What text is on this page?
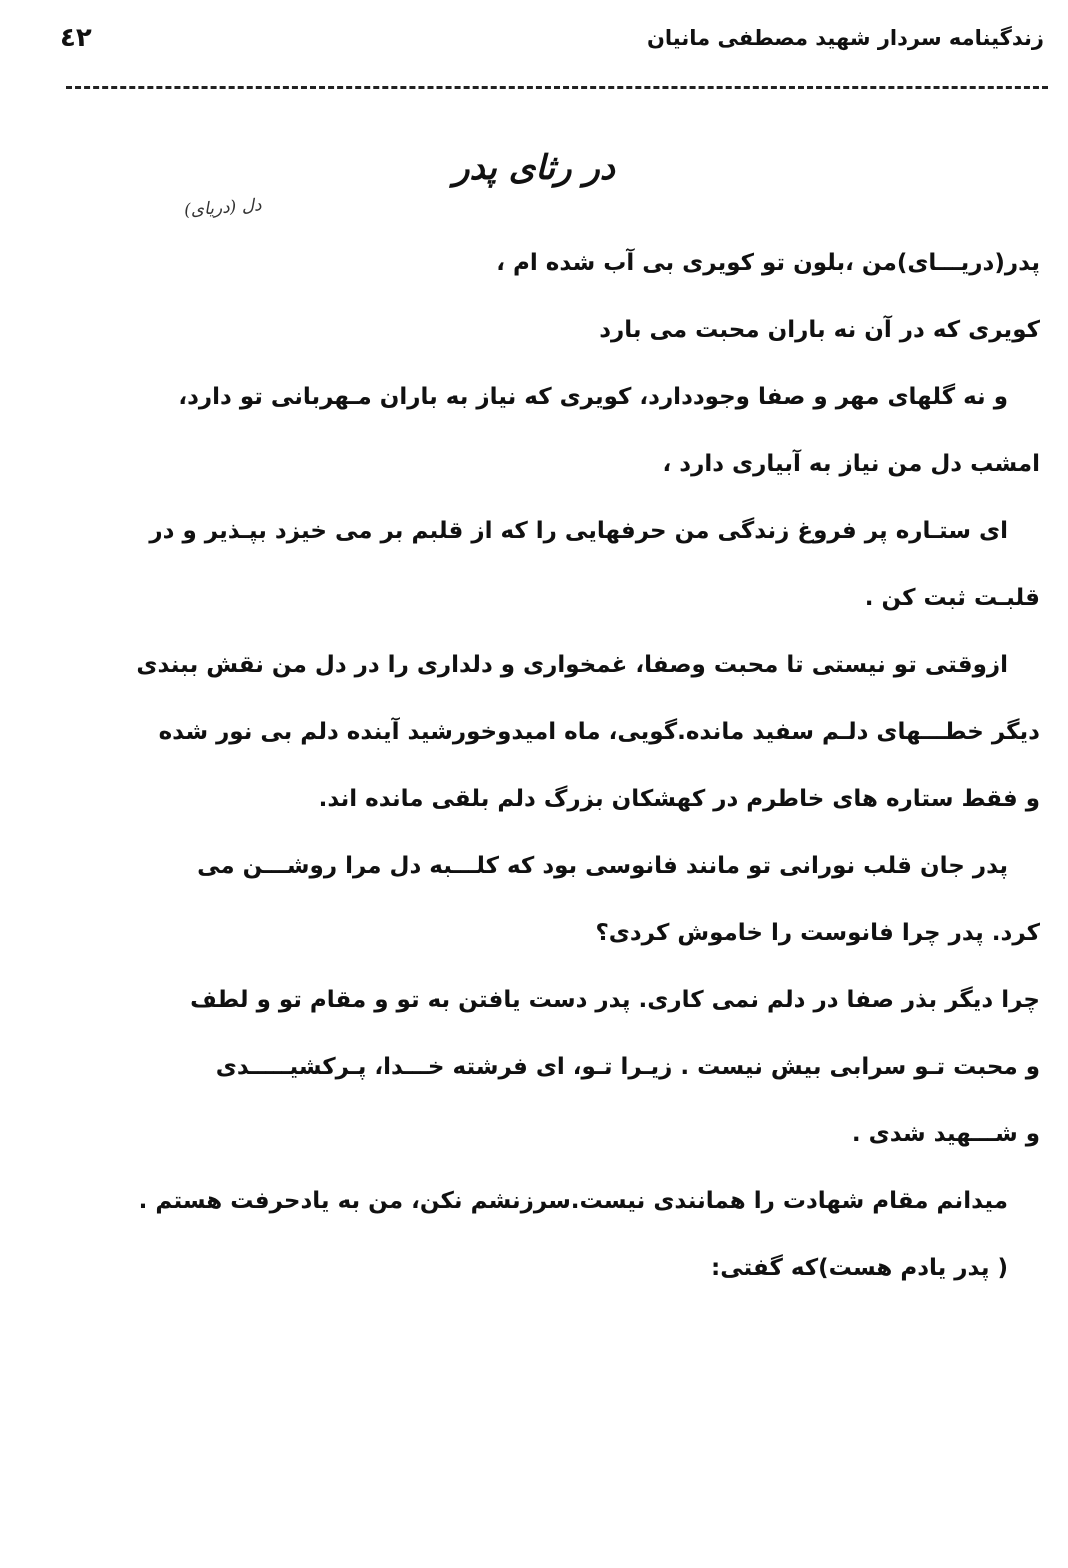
زندگینامه سردار شهید مصطفی مانیان
٤٢
در رثای پدر
دل (دریای)
پدر(دریـــای)من ،بلون تو کویری بی آب شده ام ،
کویری که در آن نه باران محبت می بارد
و نه گلهای مهر و صفا وجوددارد، کویری که نیاز به باران مـهربانی تو دارد،
امشب دل من نیاز به آبیاری دارد ،
ای ستـاره پر فروغ زندگی من حرفهایی را که از قلبم بر می خیزد بپـذیر و در
قلبـت ثبت کن .
ازوقتی تو نیستی تا محبت وصفا، غمخواری و دلداری را در دل من نقش ببندی
دیگر خطـــهای دلـم سفید مانده.گویی، ماه امیدوخورشید آینده دلم بی نور شده
و فقط ستاره های خاطرم در کهشکان بزرگ دلم بلقی مانده اند.
پدر جان قلب نورانی تو مانند فانوسی بود که کلـــبه دل مرا روشـــن می
کرد. پدر چرا فانوست را خاموش کردی؟
چرا دیگر بذر صفا در دلم نمی کاری. پدر دست یافتن به تو و مقام تو و لطف
و محبت تـو سرابی بیش نیست . زیـرا تـو، ای فرشته خـــدا، پـرکشیـــــدی
و شـــهید شدی .
میدانم مقام شهادت را همانندی نیست.سرزنشم نکن، من به یادحرفت هستم .
( پدر یادم هست)که گفتی:
